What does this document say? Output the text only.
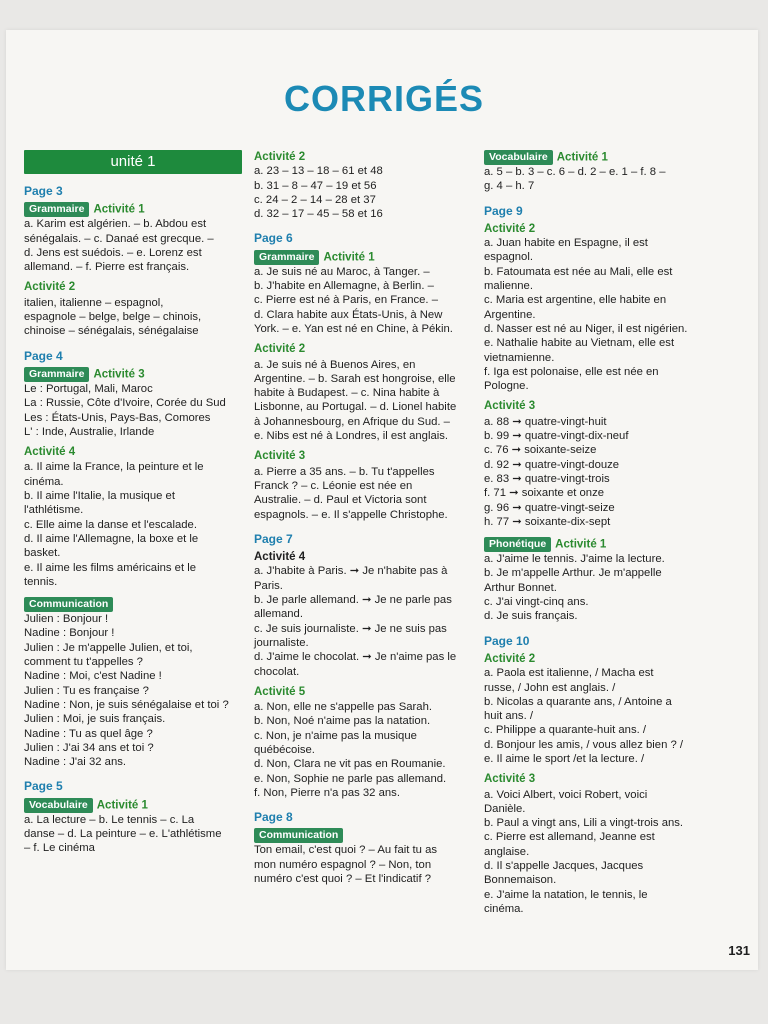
CORRIGÉS
unité 1
Page 3
Grammaire Activité 1
a. Karim est algérien. – b. Abdou est
sénégalais. – c. Danaé est grecque. –
d. Jens est suédois. – e. Lorenz est
allemand. – f. Pierre est français.
Activité 2
italien, italienne – espagnol,
espagnole – belge, belge – chinois,
chinoise – sénégalais, sénégalaise
Page 4
Grammaire Activité 3
Le : Portugal, Mali, Maroc
La : Russie, Côte d'Ivoire, Corée du Sud
Les : États-Unis, Pays-Bas, Comores
L' : Inde, Australie, Irlande
Activité 4
a. Il aime la France, la peinture et le
cinéma.
b. Il aime l'Italie, la musique et
l'athlétisme.
c. Elle aime la danse et l'escalade.
d. Il aime l'Allemagne, la boxe et le
basket.
e. Il aime les films américains et le
tennis.
Communication
Julien : Bonjour !
Nadine : Bonjour !
Julien : Je m'appelle Julien, et toi,
comment tu t'appelles ?
Nadine : Moi, c'est Nadine !
Julien : Tu es française ?
Nadine : Non, je suis sénégalaise et toi ?
Julien : Moi, je suis français.
Nadine : Tu as quel âge ?
Julien : J'ai 34 ans et toi ?
Nadine : J'ai 32 ans.
Page 5
Vocabulaire Activité 1
a. La lecture – b. Le tennis – c. La
danse – d. La peinture – e. L'athlétisme
– f. Le cinéma
Activité 2
a. 23 – 13 – 18 – 61 et 48
b. 31 – 8 – 47 – 19 et 56
c. 24 – 2 – 14 – 28 et 37
d. 32 – 17 – 45 – 58 et 16
Page 6
Grammaire Activité 1
a. Je suis né au Maroc, à Tanger. –
b. J'habite en Allemagne, à Berlin. –
c. Pierre est né à Paris, en France. –
d. Clara habite aux États-Unis, à New
York. – e. Yan est né en Chine, à Pékin.
Activité 2
a. Je suis né à Buenos Aires, en
Argentine. – b. Sarah est hongroise, elle
habite à Budapest. – c. Nina habite à
Lisbonne, au Portugal. – d. Lionel habite
à Johannesbourg, en Afrique du Sud. –
e. Nibs est né à Londres, il est anglais.
Activité 3
a. Pierre a 35 ans. – b. Tu t'appelles
Franck ? – c. Léonie est née en
Australie. – d. Paul et Victoria sont
espagnols. – e. Il s'appelle Christophe.
Page 7
Activité 4
a. J'habite à Paris. ➞ Je n'habite pas à
Paris.
b. Je parle allemand. ➞ Je ne parle pas
allemand.
c. Je suis journaliste. ➞ Je ne suis pas
journaliste.
d. J'aime le chocolat. ➞ Je n'aime pas le
chocolat.
Activité 5
a. Non, elle ne s'appelle pas Sarah.
b. Non, Noé n'aime pas la natation.
c. Non, je n'aime pas la musique
québécoise.
d. Non, Clara ne vit pas en Roumanie.
e. Non, Sophie ne parle pas allemand.
f. Non, Pierre n'a pas 32 ans.
Page 8
Communication
Ton email, c'est quoi ? – Au fait tu as
mon numéro espagnol ? – Non, ton
numéro c'est quoi ? – Et l'indicatif ?
Vocabulaire Activité 1
a. 5 – b. 3 – c. 6 – d. 2 – e. 1 – f. 8 –
g. 4 – h. 7
Page 9
Activité 2
a. Juan habite en Espagne, il est
espagnol.
b. Fatoumata est née au Mali, elle est
malienne.
c. Maria est argentine, elle habite en
Argentine.
d. Nasser est né au Niger, il est nigérien.
e. Nathalie habite au Vietnam, elle est
vietnamienne.
f. Iga est polonaise, elle est née en
Pologne.
Activité 3
a. 88 ➞ quatre-vingt-huit
b. 99 ➞ quatre-vingt-dix-neuf
c. 76 ➞ soixante-seize
d. 92 ➞ quatre-vingt-douze
e. 83 ➞ quatre-vingt-trois
f. 71 ➞ soixante et onze
g. 96 ➞ quatre-vingt-seize
h. 77 ➞ soixante-dix-sept
Phonétique Activité 1
a. J'aime le tennis. J'aime la lecture.
b. Je m'appelle Arthur. Je m'appelle
Arthur Bonnet.
c. J'ai vingt-cinq ans.
d. Je suis français.
Page 10
Activité 2
a. Paola est italienne, / Macha est
russe, / John est anglais. /
b. Nicolas a quarante ans, / Antoine a
huit ans. /
c. Philippe a quarante-huit ans. /
d. Bonjour les amis, / vous allez bien ? /
e. Il aime le sport /et la lecture. /
Activité 3
a. Voici Albert, voici Robert, voici
Danièle.
b. Paul a vingt ans, Lili a vingt-trois ans.
c. Pierre est allemand, Jeanne est
anglaise.
d. Il s'appelle Jacques, Jacques
Bonnemaison.
e. J'aime la natation, le tennis, le
cinéma.
131
